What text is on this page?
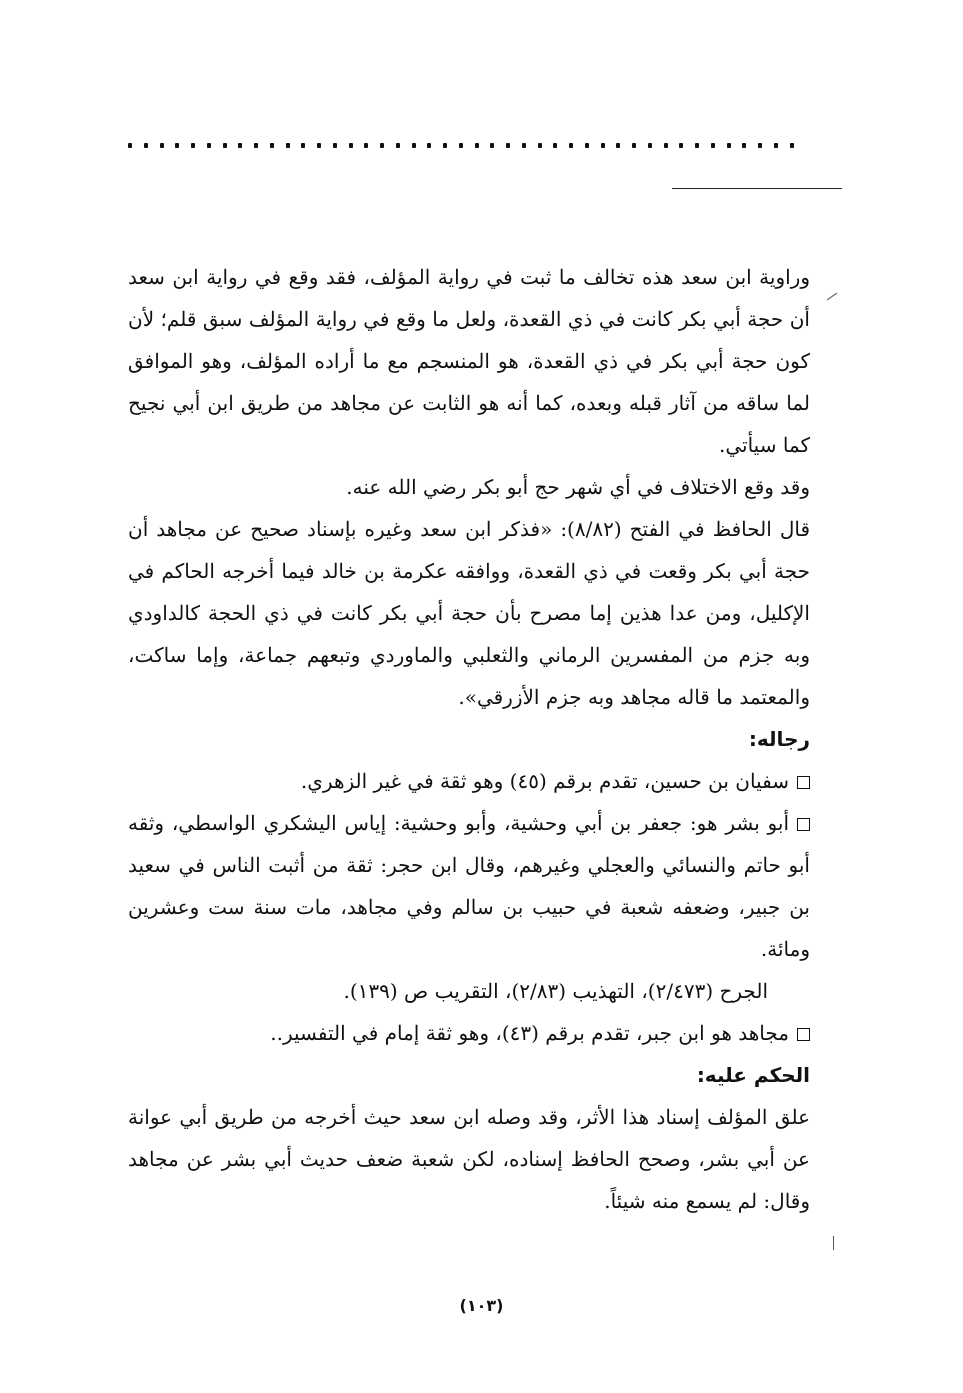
وراوية ابن سعد هذه تخالف ما ثبت في رواية المؤلف، فقد وقع في رواية ابن سعد أن حجة أبي بكر كانت في ذي القعدة، ولعل ما وقع في رواية المؤلف سبق قلم؛ لأن كون حجة أبي بكر في ذي القعدة، هو المنسجم مع ما أراده المؤلف، وهو الموافق لما ساقه من آثار قبله وبعده، كما أنه هو الثابت عن مجاهد من طريق ابن أبي نجيح كما سيأتي.

وقد وقع الاختلاف في أي شهر حج أبو بكر رضي الله عنه.

قال الحافظ في الفتح (٨/٨٢): «فذكر ابن سعد وغيره بإسناد صحيح عن مجاهد أن حجة أبي بكر وقعت في ذي القعدة، ووافقه عكرمة بن خالد فيما أخرجه الحاكم في الإكليل، ومن عدا هذين إما مصرح بأن حجة أبي بكر كانت في ذي الحجة كالداودي وبه جزم من المفسرين الرماني والثعلبي والماوردي وتبعهم جماعة، وإما ساكت، والمعتمد ما قاله مجاهد وبه جزم الأزرقي».

رجاله:

سفيان بن حسين، تقدم برقم (٤٥) وهو ثقة في غير الزهري.

أبو بشر هو: جعفر بن أبي وحشية، وأبو وحشية: إياس اليشكري الواسطي، وثقه أبو حاتم والنسائي والعجلي وغيرهم، وقال ابن حجر: ثقة من أثبت الناس في سعيد بن جبير، وضعفه شعبة في حبيب بن سالم وفي مجاهد، مات سنة ست وعشرين ومائة.

الجرح (٢/٤٧٣)، التهذيب (٢/٨٣)، التقريب ص (١٣٩).

مجاهد هو ابن جبر، تقدم برقم (٤٣)، وهو ثقة إمام في التفسير..

الحكم عليه:

علق المؤلف إسناد هذا الأثر، وقد وصله ابن سعد حيث أخرجه من طريق أبي عوانة عن أبي بشر، وصحح الحافظ إسناده، لكن شعبة ضعف حديث أبي بشر عن مجاهد وقال: لم يسمع منه شيئاً.

(١٠٣)
